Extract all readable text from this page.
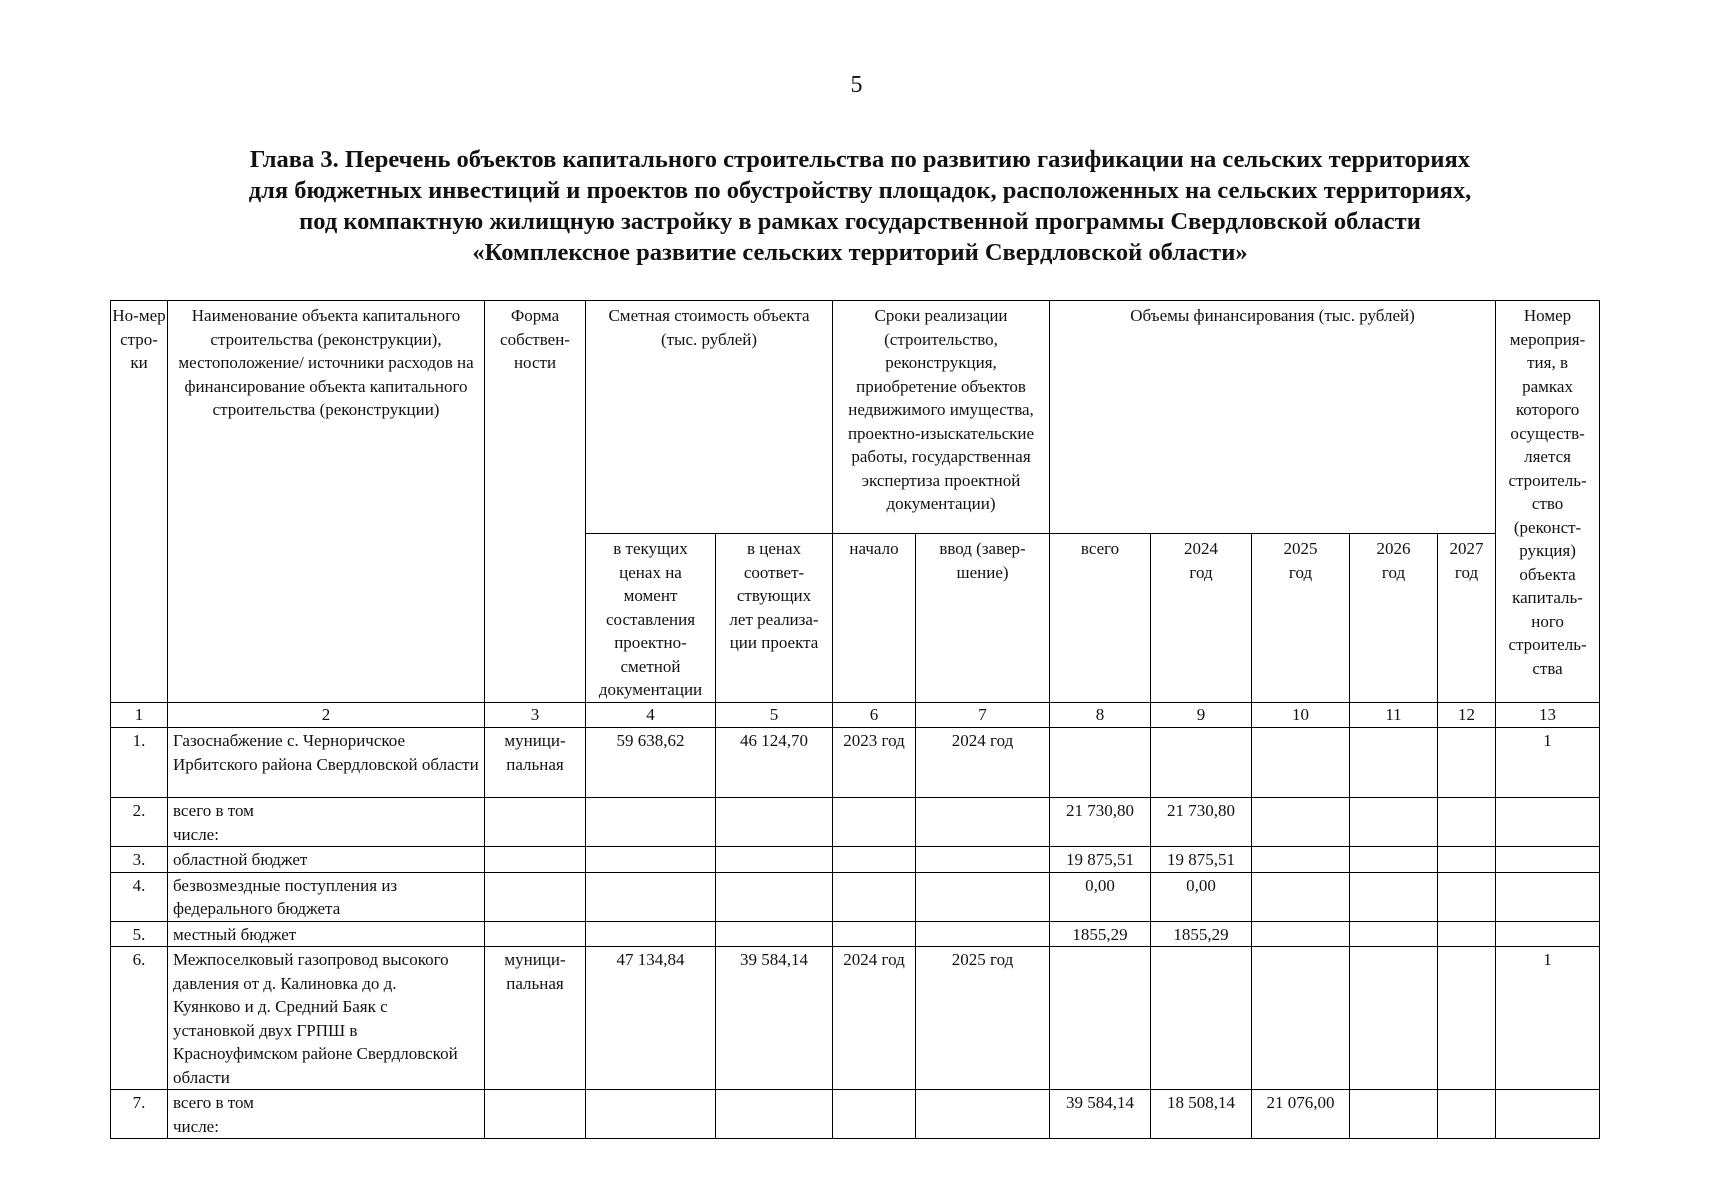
5
Глава 3. Перечень объектов капитального строительства по развитию газификации на сельских территориях
для бюджетных инвестиций и проектов по обустройству площадок, расположенных на сельских территориях,
под компактную жилищную застройку в рамках государственной программы Свердловской области
«Комплексное развитие сельских территорий Свердловской области»
Но-мер стро-ки	Наименование объекта капитального строительства (реконструкции), местоположение/ источники расходов на финансирование объекта капитального строительства (реконструкции)	Форма собствен-ности	Сметная стоимость объекта (тыс. рублей)		Сроки реализации (строительство, реконструкция, приобретение объектов недвижимого имущества, проектно-изыскательские работы, государственная экспертиза проектной документации)		Объемы финансирования (тыс. рублей)					Номер мероприя-тия, в рамках которого осуществ-ляется строитель-ство (реконст-рукция) объекта капиталь-ного строитель-ства
			в текущих ценах на момент составления проектно-сметной документации	в ценах соответ-ствующих лет реализа-ции проекта	начало	ввод (завер-шение)	всего	2024 год	2025 год	2026 год	2027 год	
1	2	3	4	5	6	7	8	9	10	11	12	13
1.	Газоснабжение с. Черноричское Ирбитского района Свердловской области	муници-пальная	59 638,62	46 124,70	2023 год	2024 год						1
2.	всего в том числе:						21 730,80	21 730,80				
3.	областной бюджет						19 875,51	19 875,51				
4.	безвозмездные поступления из федерального бюджета						0,00	0,00				
5.	местный бюджет						1855,29	1855,29				
6.	Межпоселковый газопровод высокого давления от д. Калиновка до д. Куянково и д. Средний Баяк с установкой двух ГРПШ в Красноуфимском районе Свердловской области	муници-пальная	47 134,84	39 584,14	2024 год	2025 год						1
7.	всего в том числе:						39 584,14	18 508,14	21 076,00			
